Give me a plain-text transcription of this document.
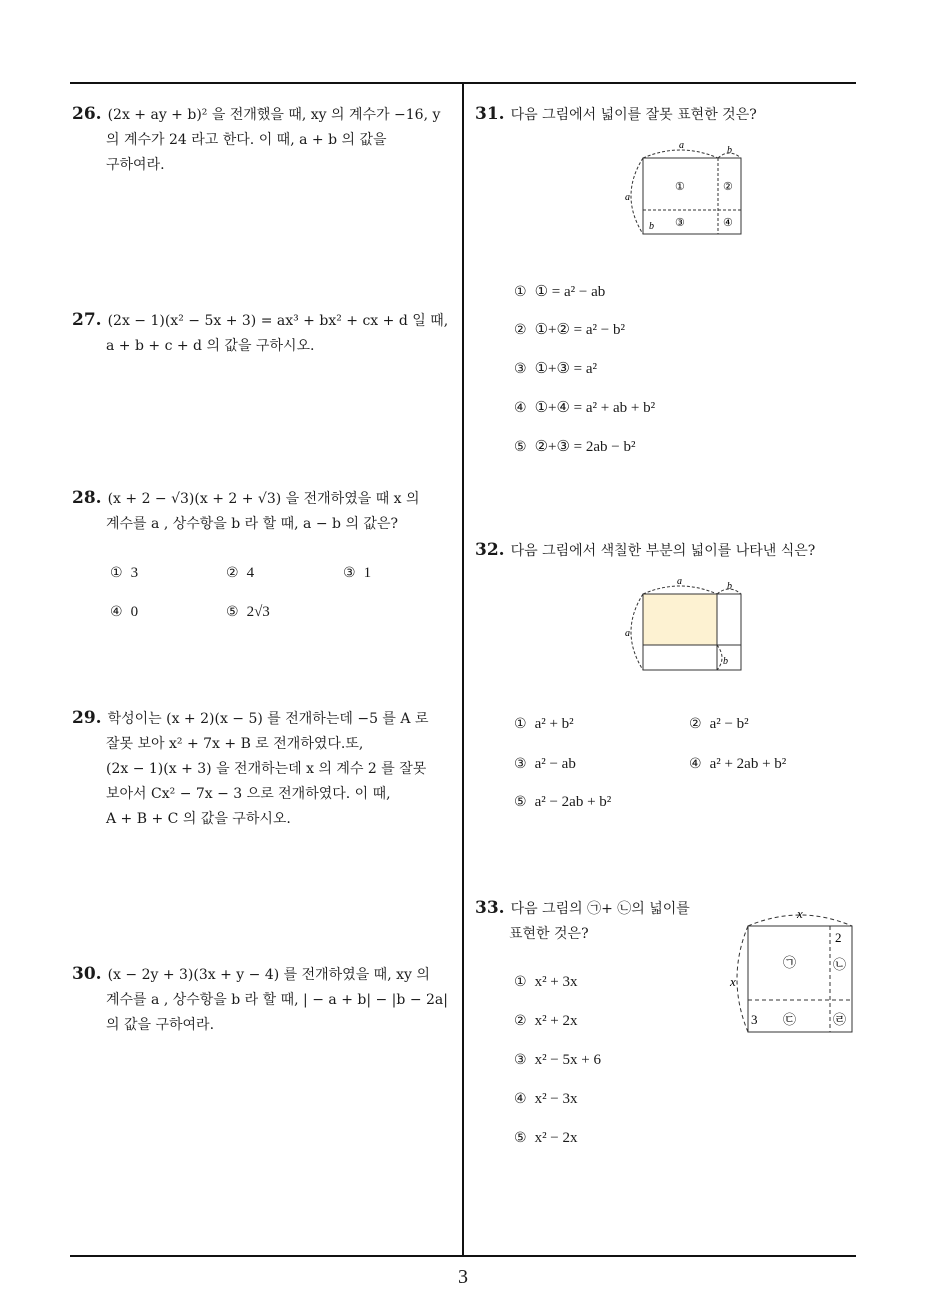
26. (2x + ay + b)² 을 전개했을 때, xy 의 계수가 −16, y
의 계수가 24 라고 한다. 이 때, a + b 의 값을
구하여라.
27. (2x − 1)(x² − 5x + 3) = ax³ + bx² + cx + d 일 때,
a + b + c + d 의 값을 구하시오.
28. (x + 2 − √3)(x + 2 + √3) 을 전개하였을 때 x 의
계수를 a , 상수항을 b 라 할 때, a − b 의 값은?
① 3	② 4	③ 1
④ 0	⑤ 2√3
29. 학성이는 (x + 2)(x − 5) 를 전개하는데 −5 를 A 로
잘못 보아 x² + 7x + B 로 전개하였다.또,
(2x − 1)(x + 3) 을 전개하는데 x 의 계수 2 를 잘못
보아서 Cx² − 7x − 3 으로 전개하였다. 이 때,
A + B + C 의 값을 구하시오.
30. (x − 2y + 3)(3x + y − 4) 를 전개하였을 때, xy 의
계수를 a , 상수항을 b 라 할 때, | − a + b| − |b − 2a|
의 값을 구하여라.
31. 다음 그림에서 넓이를 잘못 표현한 것은?
a	b
a
b
①	②
③	④
① ① = a² − ab
② ①+② = a² − b²
③ ①+③ = a²
④ ①+④ = a² + ab + b²
⑤ ②+③ = 2ab − b²
32. 다음 그림에서 색칠한 부분의 넓이를 나타낸 식은?
a	b
a
b
① a² + b²	② a² − b²
③ a² − ab	④ a² + 2ab + b²
⑤ a² − 2ab + b²
33. 다음 그림의 ㉠+ ㉡의 넓이를
표현한 것은?
x
x
2
3
㉠	㉡
㉢	㉣
① x² + 3x
② x² + 2x
③ x² − 5x + 6
④ x² − 3x
⑤ x² − 2x
3
